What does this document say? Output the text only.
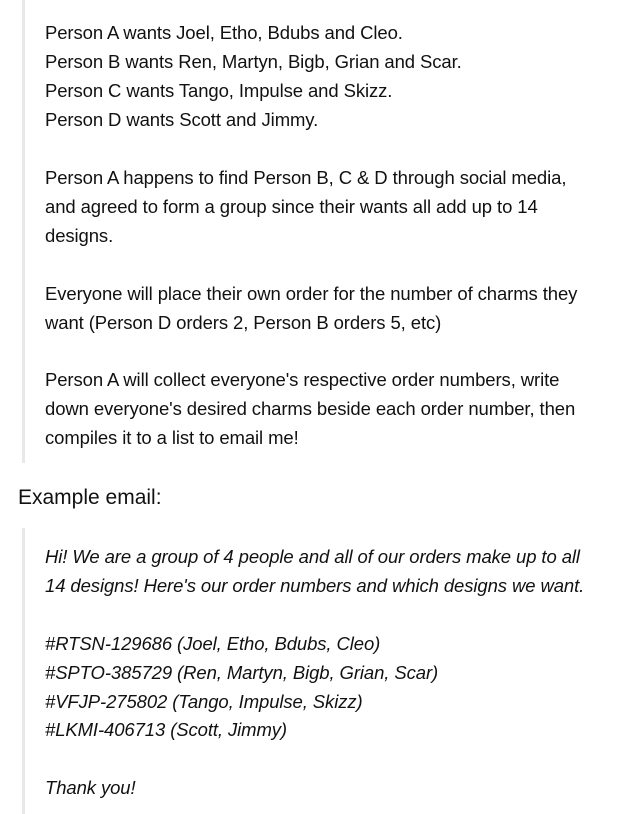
Person A wants Joel, Etho, Bdubs and Cleo.
Person B wants Ren, Martyn, Bigb, Grian and Scar.
Person C wants Tango, Impulse and Skizz.
Person D wants Scott and Jimmy.
Person A happens to find Person B, C & D through social media,
and agreed to form a group since their wants all add up to 14
designs.
Everyone will place their own order for the number of charms they
want (Person D orders 2, Person B orders 5, etc)
Person A will collect everyone's respective order numbers, write
down everyone's desired charms beside each order number, then
compiles it to a list to email me!
Example email:
Hi! We are a group of 4 people and all of our orders make up to all
14 designs! Here's our order numbers and which designs we want.
#RTSN-129686 (Joel, Etho, Bdubs, Cleo)
#SPTO-385729 (Ren, Martyn, Bigb, Grian, Scar)
#VFJP-275802 (Tango, Impulse, Skizz)
#LKMI-406713 (Scott, Jimmy)
Thank you!
